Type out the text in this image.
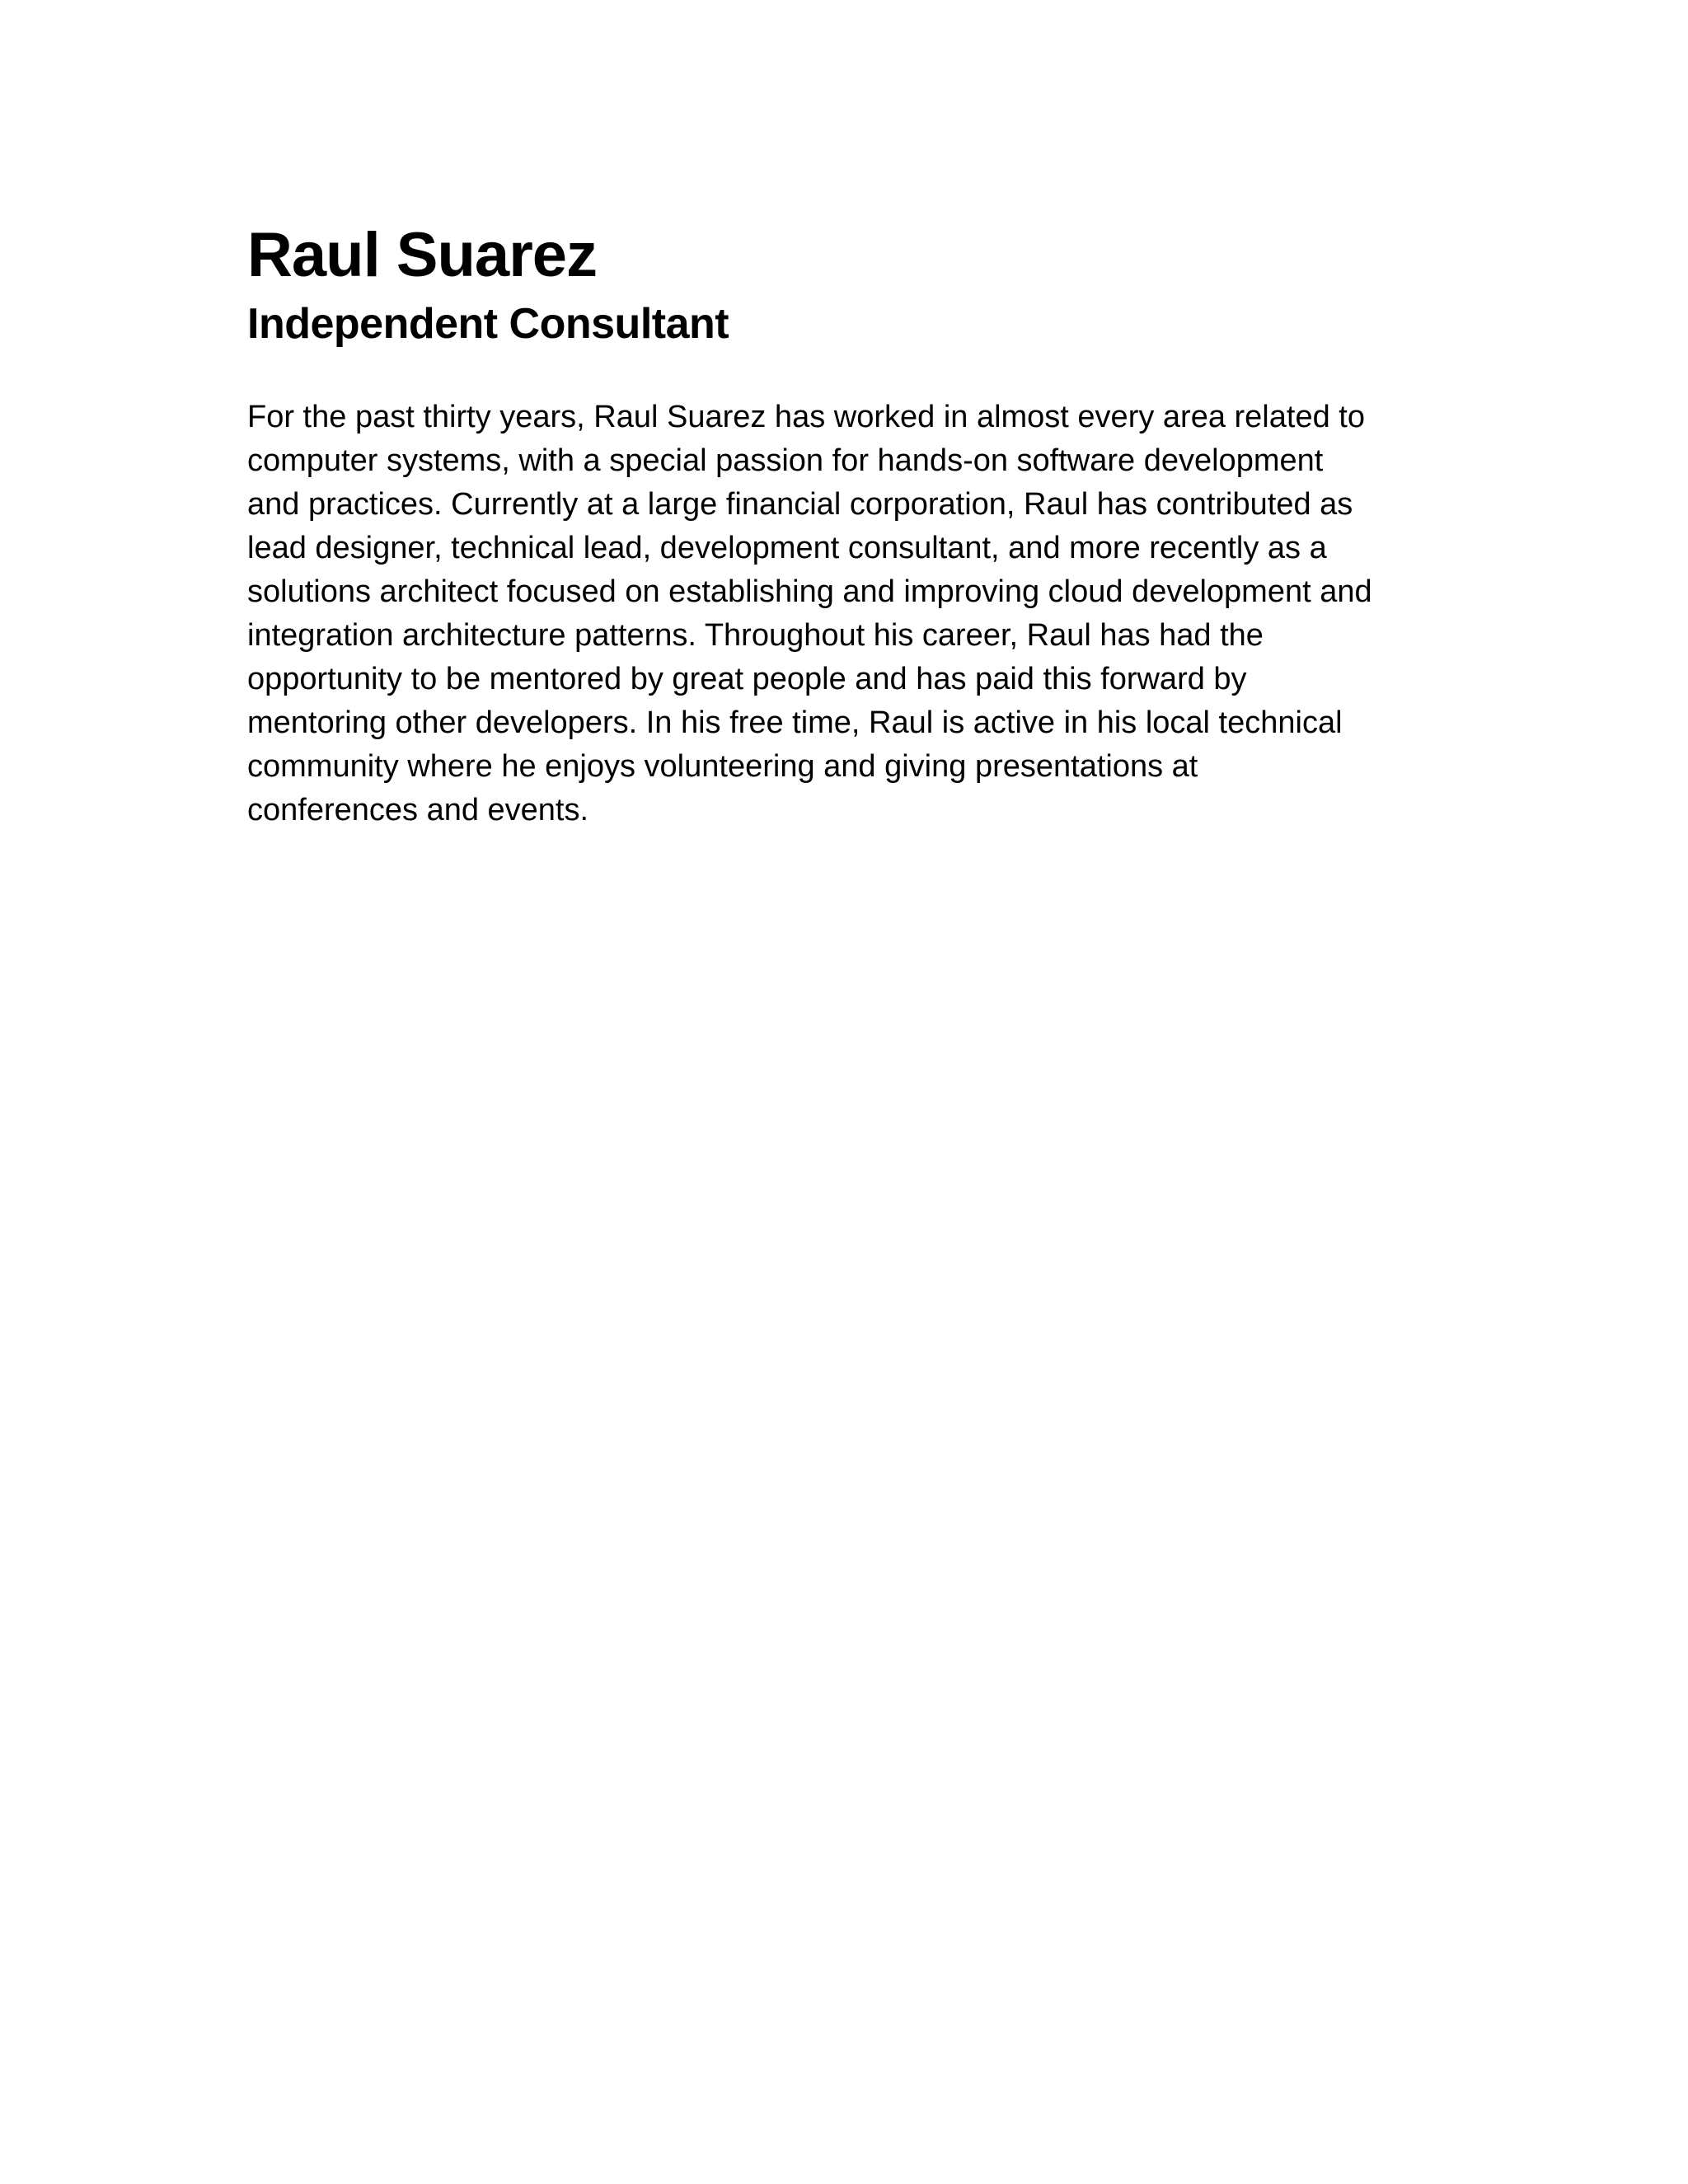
Raul Suarez
Independent Consultant
For the past thirty years, Raul Suarez has worked in almost every area related to
computer systems, with a special passion for hands-on software development
and practices. Currently at a large financial corporation, Raul has contributed as
lead designer, technical lead, development consultant, and more recently as a
solutions architect focused on establishing and improving cloud development and
integration architecture patterns. Throughout his career, Raul has had the
opportunity to be mentored by great people and has paid this forward by
mentoring other developers. In his free time, Raul is active in his local technical
community where he enjoys volunteering and giving presentations at
conferences and events.
